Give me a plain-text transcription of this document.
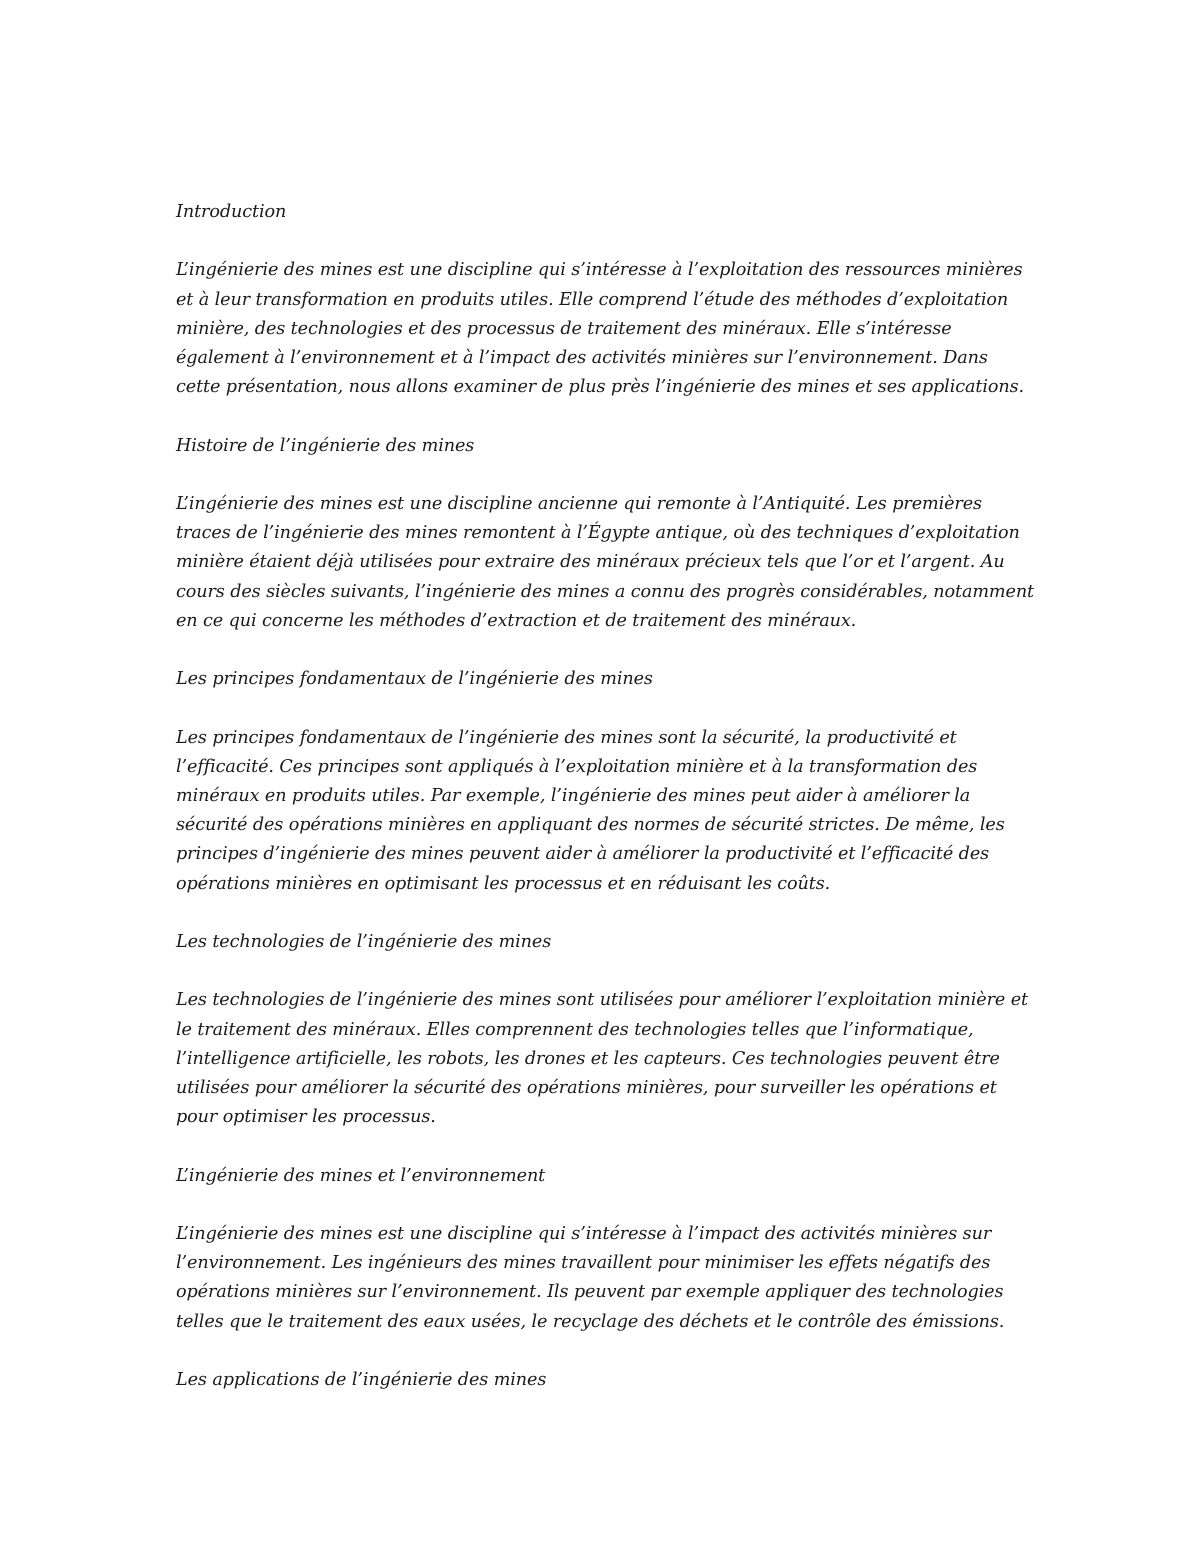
Introduction

L’ingénierie des mines est une discipline qui s’intéresse à l’exploitation des ressources minières et à leur transformation en produits utiles. Elle comprend l’étude des méthodes d’exploitation minière, des technologies et des processus de traitement des minéraux. Elle s’intéresse également à l’environnement et à l’impact des activités minières sur l’environnement. Dans cette présentation, nous allons examiner de plus près l’ingénierie des mines et ses applications.

Histoire de l’ingénierie des mines

L’ingénierie des mines est une discipline ancienne qui remonte à l’Antiquité. Les premières traces de l’ingénierie des mines remontent à l’Égypte antique, où des techniques d’exploitation minière étaient déjà utilisées pour extraire des minéraux précieux tels que l’or et l’argent. Au cours des siècles suivants, l’ingénierie des mines a connu des progrès considérables, notamment en ce qui concerne les méthodes d’extraction et de traitement des minéraux.

Les principes fondamentaux de l’ingénierie des mines

Les principes fondamentaux de l’ingénierie des mines sont la sécurité, la productivité et l’efficacité. Ces principes sont appliqués à l’exploitation minière et à la transformation des minéraux en produits utiles. Par exemple, l’ingénierie des mines peut aider à améliorer la sécurité des opérations minières en appliquant des normes de sécurité strictes. De même, les principes d’ingénierie des mines peuvent aider à améliorer la productivité et l’efficacité des opérations minières en optimisant les processus et en réduisant les coûts.

Les technologies de l’ingénierie des mines

Les technologies de l’ingénierie des mines sont utilisées pour améliorer l’exploitation minière et le traitement des minéraux. Elles comprennent des technologies telles que l’informatique, l’intelligence artificielle, les robots, les drones et les capteurs. Ces technologies peuvent être utilisées pour améliorer la sécurité des opérations minières, pour surveiller les opérations et pour optimiser les processus.

L’ingénierie des mines et l’environnement

L’ingénierie des mines est une discipline qui s’intéresse à l’impact des activités minières sur l’environnement. Les ingénieurs des mines travaillent pour minimiser les effets négatifs des opérations minières sur l’environnement. Ils peuvent par exemple appliquer des technologies telles que le traitement des eaux usées, le recyclage des déchets et le contrôle des émissions.

Les applications de l’ingénierie des mines
